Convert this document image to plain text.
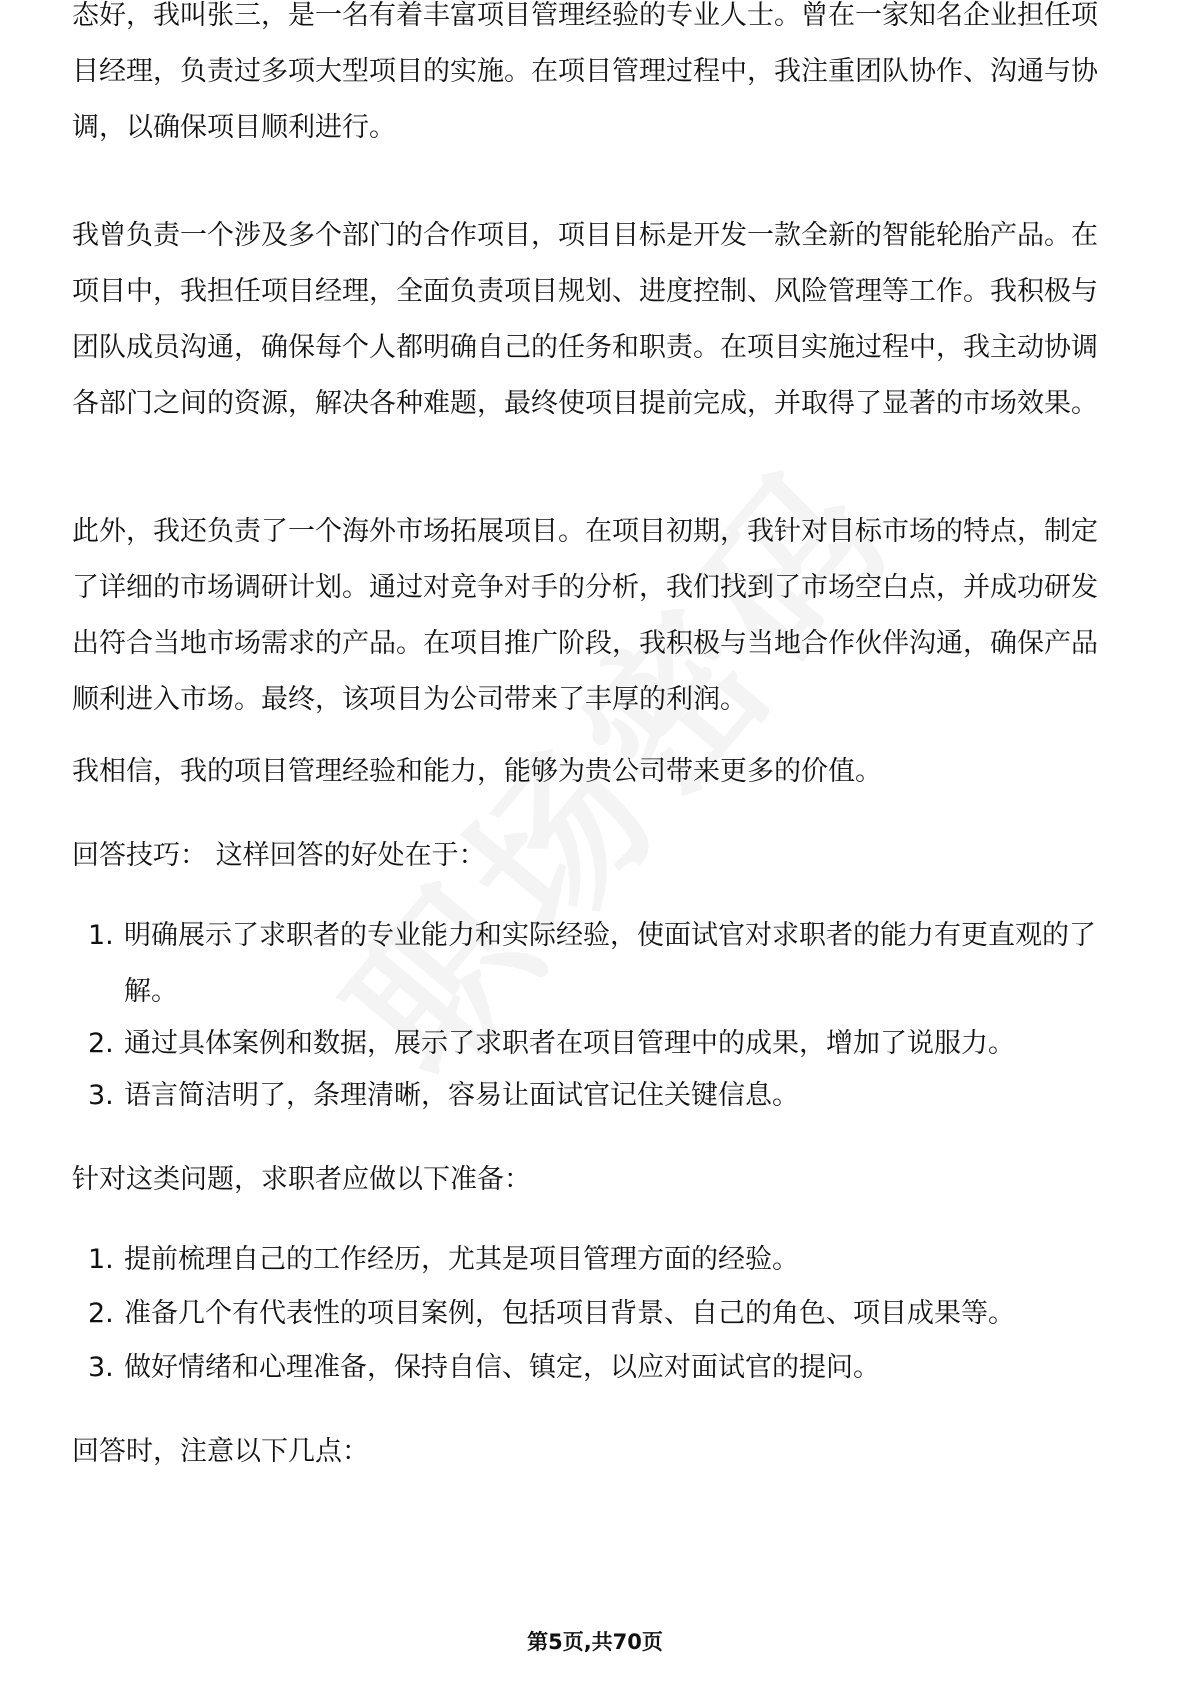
态好，我叫张三，是一名有着丰富项目管理经验的专业人士。曾在一家知名企业担任项目经理，负责过多项大型项目的实施。在项目管理过程中，我注重团队协作、沟通与协调，以确保项目顺利进行。

我曾负责一个涉及多个部门的合作项目，项目目标是开发一款全新的智能轮胎产品。在项目中，我担任项目经理，全面负责项目规划、进度控制、风险管理等工作。我积极与团队成员沟通，确保每个人都明确自己的任务和职责。在项目实施过程中，我主动协调各部门之间的资源，解决各种难题，最终使项目提前完成，并取得了显著的市场效果。

此外，我还负责了一个海外市场拓展项目。在项目初期，我针对目标市场的特点，制定了详细的市场调研计划。通过对竞争对手的分析，我们找到了市场空白点，并成功研发出符合当地市场需求的产品。在项目推广阶段，我积极与当地合作伙伴沟通，确保产品顺利进入市场。最终，该项目为公司带来了丰厚的利润。

我相信，我的项目管理经验和能力，能够为贵公司带来更多的价值。

回答技巧： 这样回答的好处在于：

1. 明确展示了求职者的专业能力和实际经验，使面试官对求职者的能力有更直观的了解。
2. 通过具体案例和数据，展示了求职者在项目管理中的成果，增加了说服力。
3. 语言简洁明了，条理清晰，容易让面试官记住关键信息。

针对这类问题，求职者应做以下准备：

1. 提前梳理自己的工作经历，尤其是项目管理方面的经验。
2. 准备几个有代表性的项目案例，包括项目背景、自己的角色、项目成果等。
3. 做好情绪和心理准备，保持自信、镇定，以应对面试官的提问。

回答时，注意以下几点：

第5页,共70页
